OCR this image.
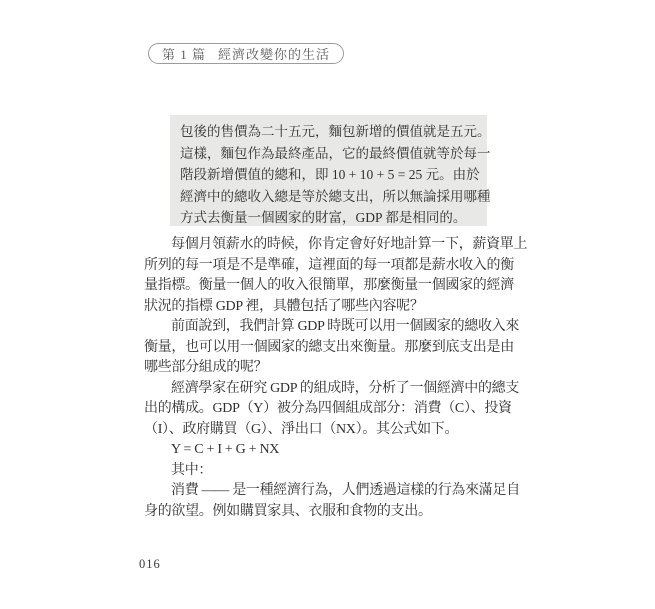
第 1 篇 經濟改變你的生活
包後的售價為二十五元，麵包新增的價值就是五元。
這樣，麵包作為最終產品，它的最終價值就等於每一
階段新增價值的總和，即 10 + 10 + 5 = 25 元。由於
經濟中的總收入總是等於總支出，所以無論採用哪種
方式去衡量一個國家的財富，GDP 都是相同的。
每個月領薪水的時候，你肯定會好好地計算一下，薪資單上
所列的每一項是不是準確，這裡面的每一項都是薪水收入的衡
量指標。衡量一個人的收入很簡單，那麼衡量一個國家的經濟
狀況的指標 GDP 裡，具體包括了哪些內容呢？
前面說到，我們計算 GDP 時既可以用一個國家的總收入來
衡量，也可以用一個國家的總支出來衡量。那麼到底支出是由
哪些部分組成的呢？
經濟學家在研究 GDP 的組成時，分析了一個經濟中的總支
出的構成。GDP（Y）被分為四個組成部分：消費（C）、投資
（I）、政府購買（G）、淨出口（NX）。其公式如下。
Y = C + I + G + NX
其中：
消費 —— 是一種經濟行為，人們透過這樣的行為來滿足自
身的欲望。例如購買家具、衣服和食物的支出。
016
